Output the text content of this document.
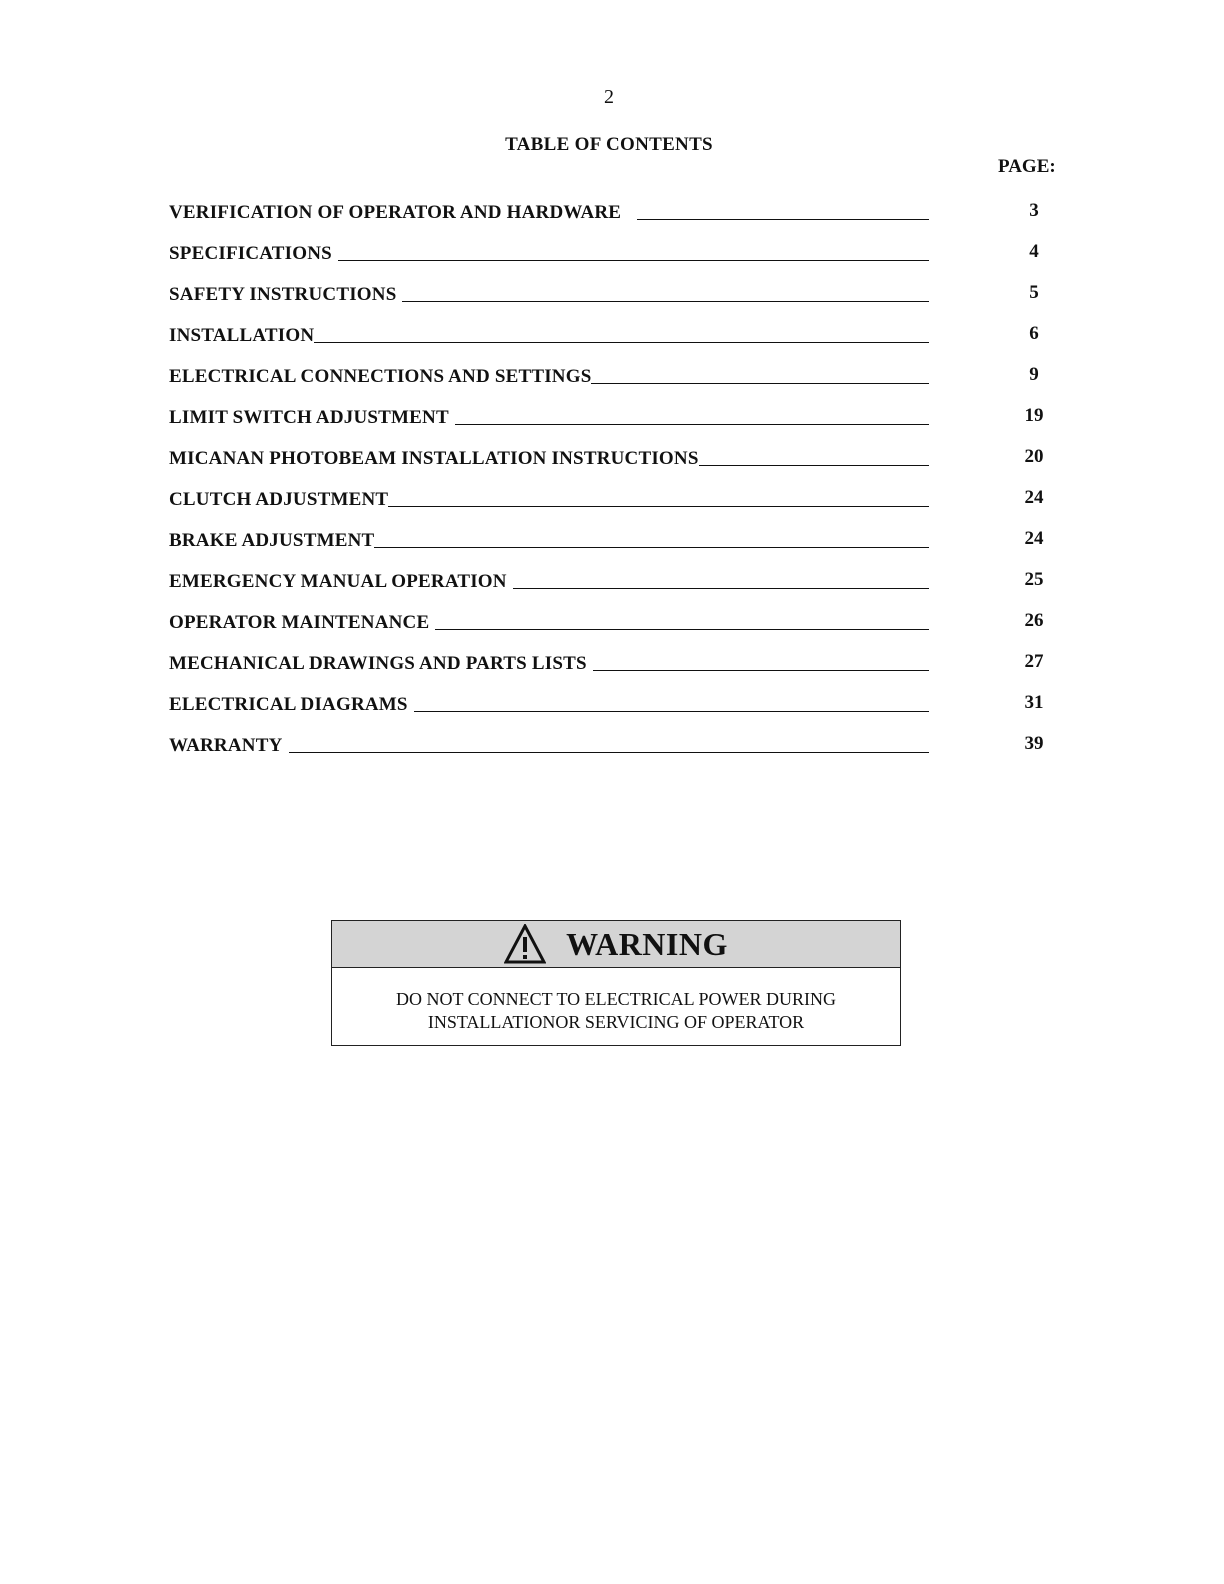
2
TABLE OF CONTENTS
PAGE:
VERIFICATION OF OPERATOR AND HARDWARE	3
SPECIFICATIONS	4
SAFETY INSTRUCTIONS	5
INSTALLATION	6
ELECTRICAL CONNECTIONS AND SETTINGS	9
LIMIT SWITCH ADJUSTMENT	19
MICANAN PHOTOBEAM INSTALLATION INSTRUCTIONS	20
CLUTCH ADJUSTMENT	24
BRAKE ADJUSTMENT	24
EMERGENCY MANUAL OPERATION	25
OPERATOR MAINTENANCE	26
MECHANICAL DRAWINGS AND PARTS LISTS	27
ELECTRICAL DIAGRAMS	31
WARRANTY	39
WARNING
DO NOT CONNECT TO ELECTRICAL POWER DURING
INSTALLATIONOR SERVICING OF OPERATOR
